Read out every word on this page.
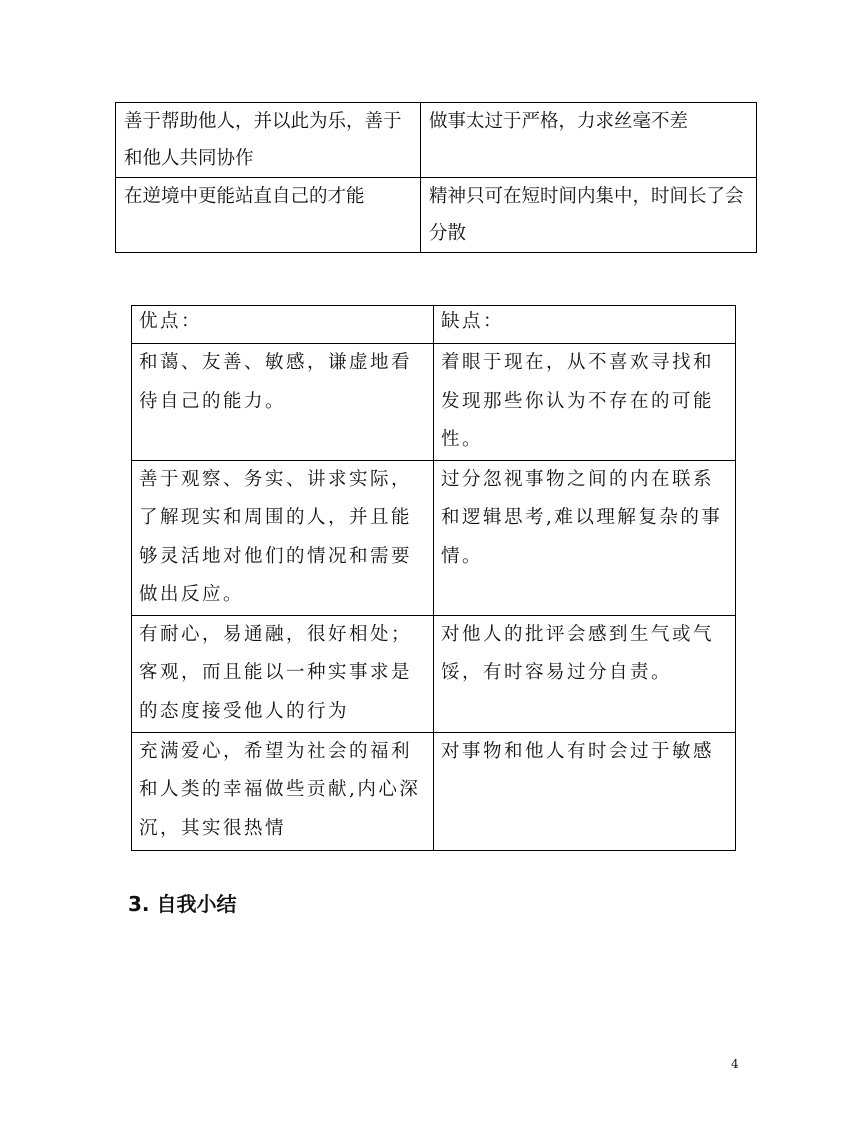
善于帮助他人，并以此为乐，善于和他人共同协作	做事太过于严格，力求丝毫不差
在逆境中更能站直自己的才能	精神只可在短时间内集中，时间长了会分散
优点：	缺点：
和蔼、友善、敏感，谦虚地看待自己的能力。	着眼于现在，从不喜欢寻找和发现那些你认为不存在的可能性。
善于观察、务实、讲求实际，了解现实和周围的人，并且能够灵活地对他们的情况和需要做出反应。	过分忽视事物之间的内在联系和逻辑思考,难以理解复杂的事情。
有耐心，易通融，很好相处；客观，而且能以一种实事求是的态度接受他人的行为	对他人的批评会感到生气或气馁，有时容易过分自责。
充满爱心，希望为社会的福利和人类的幸福做些贡献,内心深沉，其实很热情	对事物和他人有时会过于敏感
3. 自我小结
4
